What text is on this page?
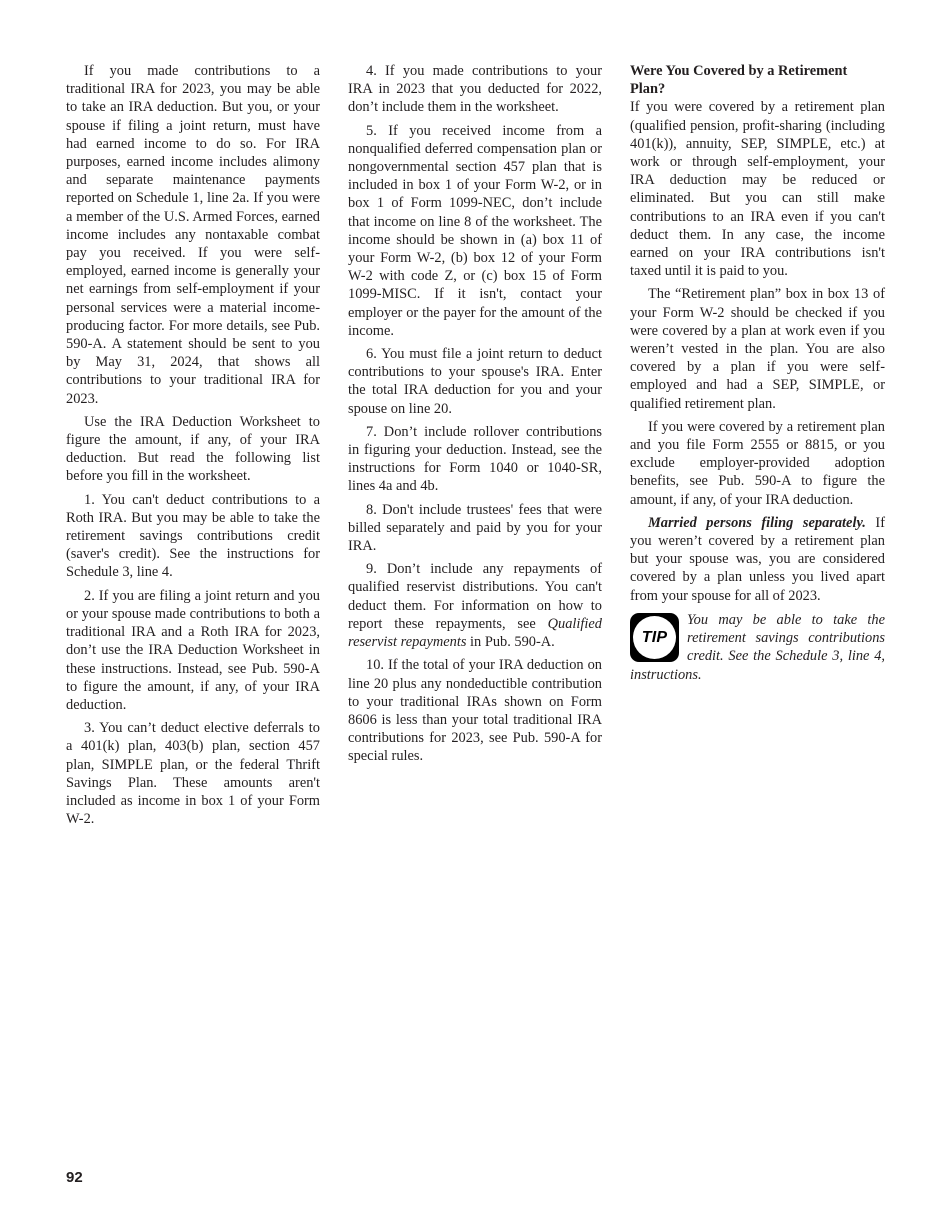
If you made contributions to a traditional IRA for 2023, you may be able to take an IRA deduction. But you, or your spouse if filing a joint return, must have had earned income to do so. For IRA purposes, earned income includes alimony and separate maintenance payments reported on Schedule 1, line 2a. If you were a member of the U.S. Armed Forces, earned income includes any nontaxable combat pay you received. If you were self-employed, earned income is generally your net earnings from self-employment if your personal services were a material income-producing factor. For more details, see Pub. 590-A. A statement should be sent to you by May 31, 2024, that shows all contributions to your traditional IRA for 2023.

Use the IRA Deduction Worksheet to figure the amount, if any, of your IRA deduction. But read the following list before you fill in the worksheet.

1. You can't deduct contributions to a Roth IRA. But you may be able to take the retirement savings contributions credit (saver's credit). See the instructions for Schedule 3, line 4.

2. If you are filing a joint return and you or your spouse made contributions to both a traditional IRA and a Roth IRA for 2023, don’t use the IRA Deduction Worksheet in these instructions. Instead, see Pub. 590-A to figure the amount, if any, of your IRA deduction.

3. You can’t deduct elective deferrals to a 401(k) plan, 403(b) plan, section 457 plan, SIMPLE plan, or the federal Thrift Savings Plan. These amounts aren't included as income in box 1 of your Form W-2.

4. If you made contributions to your IRA in 2023 that you deducted for 2022, don’t include them in the worksheet.

5. If you received income from a nonqualified deferred compensation plan or nongovernmental section 457 plan that is included in box 1 of your Form W-2, or in box 1 of Form 1099-NEC, don’t include that income on line 8 of the worksheet. The income should be shown in (a) box 11 of your Form W-2, (b) box 12 of your Form W-2 with code Z, or (c) box 15 of Form 1099-MISC. If it isn't, contact your employer or the payer for the amount of the income.

6. You must file a joint return to deduct contributions to your spouse's IRA. Enter the total IRA deduction for you and your spouse on line 20.

7. Don’t include rollover contributions in figuring your deduction. Instead, see the instructions for Form 1040 or 1040-SR, lines 4a and 4b.

8. Don't include trustees' fees that were billed separately and paid by you for your IRA.

9. Don’t include any repayments of qualified reservist distributions. You can't deduct them. For information on how to report these repayments, see Qualified reservist repayments in Pub. 590-A.

10. If the total of your IRA deduction on line 20 plus any nondeductible contribution to your traditional IRAs shown on Form 8606 is less than your total traditional IRA contributions for 2023, see Pub. 590-A for special rules.

Were You Covered by a Retirement Plan?

If you were covered by a retirement plan (qualified pension, profit-sharing (including 401(k)), annuity, SEP, SIMPLE, etc.) at work or through self-employment, your IRA deduction may be reduced or eliminated. But you can still make contributions to an IRA even if you can't deduct them. In any case, the income earned on your IRA contributions isn't taxed until it is paid to you.

The “Retirement plan” box in box 13 of your Form W-2 should be checked if you were covered by a plan at work even if you weren’t vested in the plan. You are also covered by a plan if you were self-employed and had a SEP, SIMPLE, or qualified retirement plan.

If you were covered by a retirement plan and you file Form 2555 or 8815, or you exclude employer-provided adoption benefits, see Pub. 590-A to figure the amount, if any, of your IRA deduction.

Married persons filing separately. If you weren’t covered by a retirement plan but your spouse was, you are considered covered by a plan unless you lived apart from your spouse for all of 2023.

TIP
You may be able to take the retirement savings contributions credit. See the Schedule 3, line 4, instructions.
92
